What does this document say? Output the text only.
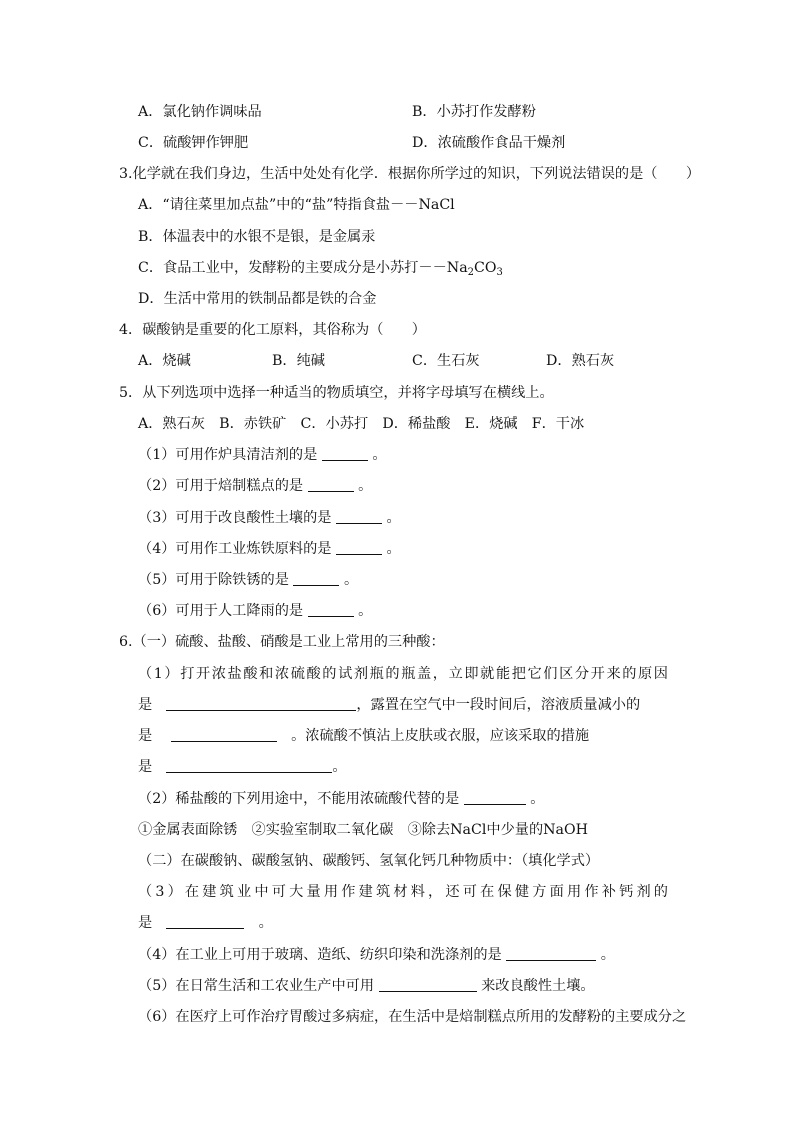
A．氯化钠作调味品	B．小苏打作发酵粉
C．硫酸钾作钾肥	D．浓硫酸作食品干燥剂
3.化学就在我们身边，生活中处处有化学．根据你所学过的知识，下列说法错误的是（　　）
A．“请往菜里加点盐”中的“盐”特指食盐－－NaCl
B．体温表中的水银不是银，是金属汞
C．食品工业中，发酵粉的主要成分是小苏打$--Na_2CO_3$
D．生活中常用的铁制品都是铁的合金
4．碳酸钠是重要的化工原料，其俗称为（　　）
A．烧碱	B．纯碱	C．生石灰	D．熟石灰
5．从下列选项中选择一种适当的物质填空，并将字母填写在横线上。
A．熟石灰　B．赤铁矿　C．小苏打　D．稀盐酸　E．烧碱　F．干冰
（1）可用作炉具清洁剂的是	。
（2）可用于焙制糕点的是	。
（3）可用于改良酸性土壤的是	。
（4）可用作工业炼铁原料的是	。
（5）可用于除铁锈的是	。
（6）可用于人工降雨的是	。
6.（一）硫酸、盐酸、硝酸是工业上常用的三种酸：
（1）打开浓盐酸和浓硫酸的试剂瓶的瓶盖，立即就能把它们区分开来的原因
是　	，露置在空气中一段时间后，溶液质量减小的
是　 　	。浓硫酸不慎沾上皮肤或衣服，应该采取的措施
是　	。
（2）稀盐酸的下列用途中，不能用浓硫酸代替的是	。
①金属表面除锈　②实验室制取二氧化碳　③除去NaCl中少量的NaOH
（二）在碳酸钠、碳酸氢钠、碳酸钙、氢氧化钙几种物质中：（填化学式）
（3）在建筑业中可大量用作建筑材料，还可在保健方面用作补钙剂的
是　　	。
（4）在工业上可用于玻璃、造纸、纺织印染和洗涤剂的是	。
（5）在日常生活和工农业生产中可用	来改良酸性土壤。
（6）在医疗上可作治疗胃酸过多病症，在生活中是焙制糕点所用的发酵粉的主要成分之
